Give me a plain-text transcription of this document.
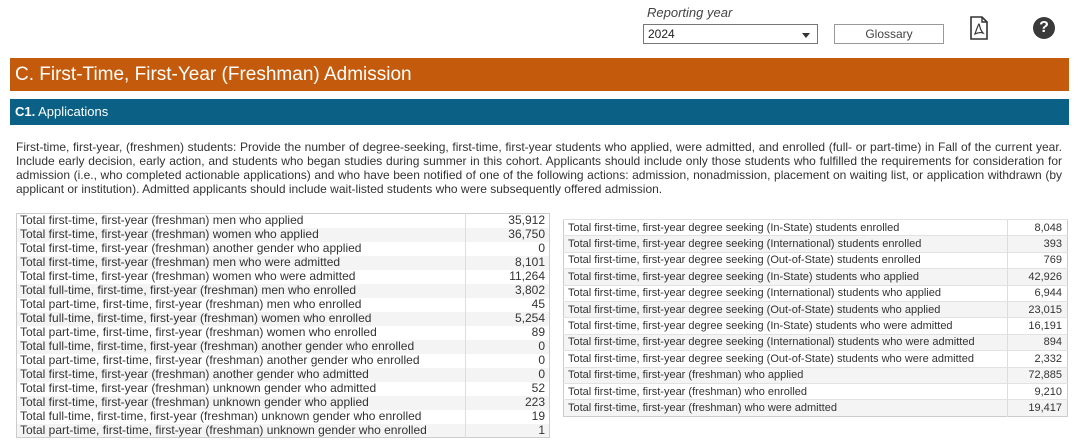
Reporting year
2024	Glossary	?
C. First-Time, First-Year (Freshman) Admission
C1. Applications
First-time, first-year, (freshmen) students: Provide the number of degree-seeking, first-time, first-year students who applied, were admitted, and enrolled (full- or part-time) in Fall of the current year. Include early decision, early action, and students who began studies during summer in this cohort. Applicants should include only those students who fulfilled the requirements for consideration for admission (i.e., who completed actionable applications) and who have been notified of one of the following actions: admission, nonadmission, placement on waiting list, or application withdrawn (by applicant or institution). Admitted applicants should include wait-listed students who were subsequently offered admission.
Total first-time, first-year (freshman) men who applied	35,912
Total first-time, first-year (freshman) women who applied	36,750
Total first-time, first-year (freshman) another gender who applied	0
Total first-time, first-year (freshman) men who were admitted	8,101
Total first-time, first-year (freshman) women who were admitted	11,264
Total full-time, first-time, first-year (freshman) men who enrolled	3,802
Total part-time, first-time, first-year (freshman) men who enrolled	45
Total full-time, first-time, first-year (freshman) women who enrolled	5,254
Total part-time, first-time, first-year (freshman) women who enrolled	89
Total full-time, first-time, first-year (freshman) another gender who enrolled	0
Total part-time, first-time, first-year (freshman) another gender who enrolled	0
Total first-time, first-year (freshman) another gender who admitted	0
Total first-time, first-year (freshman) unknown gender who admitted	52
Total first-time, first-year (freshman) unknown gender who applied	223
Total full-time, first-time, first-year (freshman) unknown gender who enrolled	19
Total part-time, first-time, first-year (freshman) unknown gender who enrolled	1
Total first-time, first-year degree seeking (In-State) students enrolled	8,048
Total first-time, first-year degree seeking (International) students enrolled	393
Total first-time, first-year degree seeking (Out-of-State) students enrolled	769
Total first-time, first-year degree seeking (In-State) students who applied	42,926
Total first-time, first-year degree seeking (International) students who applied	6,944
Total first-time, first-year degree seeking (Out-of-State) students who applied	23,015
Total first-time, first-year degree seeking (In-State) students who were admitted	16,191
Total first-time, first-year degree seeking (International) students who were admitted	894
Total first-time, first-year degree seeking (Out-of-State) students who were admitted	2,332
Total first-time, first-year (freshman) who applied	72,885
Total first-time, first-year (freshman) who enrolled	9,210
Total first-time, first-year (freshman) who were admitted	19,417
